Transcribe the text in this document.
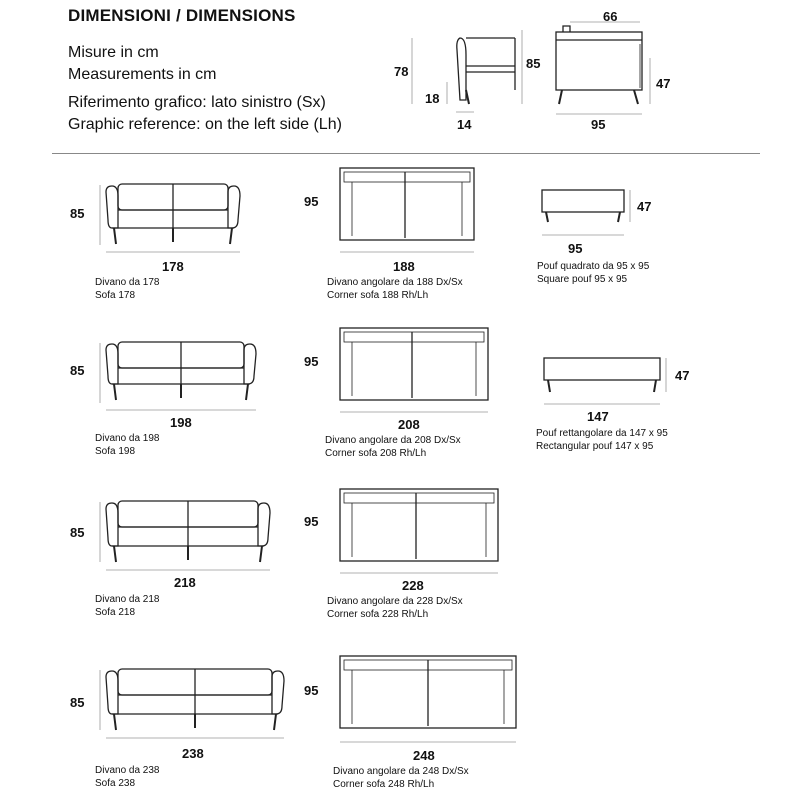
DIMENSIONI / DIMENSIONS
Misure in cm
Measurements in cm
Riferimento grafico: lato sinistro (Sx)
Graphic reference: on the left side (Lh)
78
18
14
85
66
47
95
85
178
Divano da 178
Sofa 178
85
198
Divano da 198
Sofa 198
85
218
Divano da 218
Sofa 218
85
238
Divano da 238
Sofa 238
95
188
Divano angolare da 188 Dx/Sx
Corner sofa 188 Rh/Lh
95
208
Divano angolare da 208 Dx/Sx
Corner sofa 208 Rh/Lh
95
228
Divano angolare da 228 Dx/Sx
Corner sofa 228 Rh/Lh
95
248
Divano angolare da 248 Dx/Sx
Corner sofa 248 Rh/Lh
47
95
Pouf quadrato da 95 x 95
Square pouf 95 x 95
47
147
Pouf rettangolare da 147 x 95
Rectangular pouf 147 x 95
